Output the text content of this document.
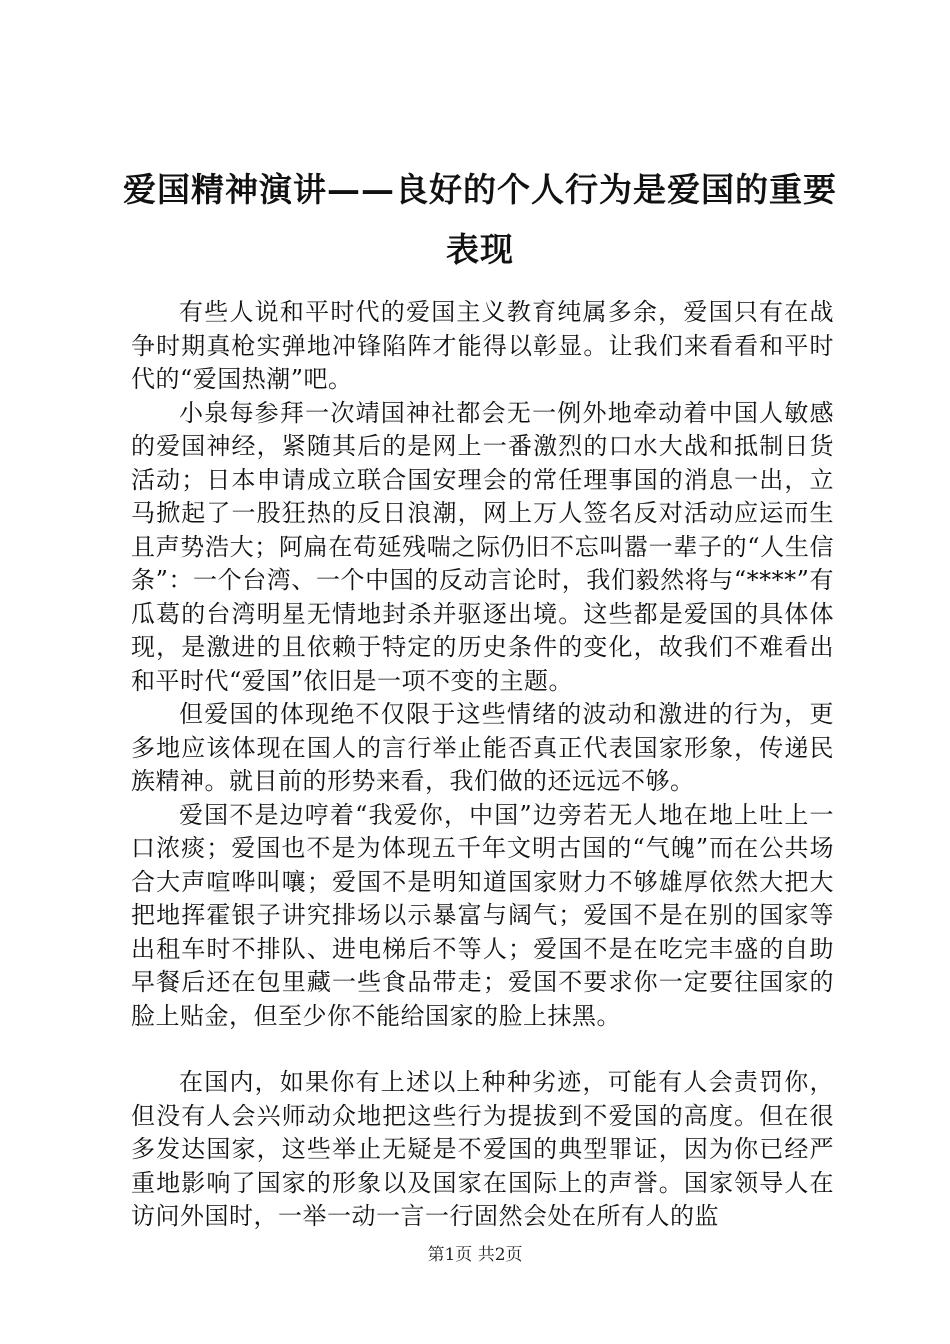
爱国精神演讲——良好的个人行为是爱国的重要表现

有些人说和平时代的爱国主义教育纯属多余，爱国只有在战争时期真枪实弹地冲锋陷阵才能得以彰显。让我们来看看和平时代的“爱国热潮”吧。

小泉每参拜一次靖国神社都会无一例外地牵动着中国人敏感的爱国神经，紧随其后的是网上一番激烈的口水大战和抵制日货活动；日本申请成立联合国安理会的常任理事国的消息一出，立马掀起了一股狂热的反日浪潮，网上万人签名反对活动应运而生且声势浩大；阿扁在苟延残喘之际仍旧不忘叫嚣一辈子的“人生信条”：一个台湾、一个中国的反动言论时，我们毅然将与“****”有瓜葛的台湾明星无情地封杀并驱逐出境。这些都是爱国的具体体现，是激进的且依赖于特定的历史条件的变化，故我们不难看出和平时代“爱国”依旧是一项不变的主题。

但爱国的体现绝不仅限于这些情绪的波动和激进的行为，更多地应该体现在国人的言行举止能否真正代表国家形象，传递民族精神。就目前的形势来看，我们做的还远远不够。

爱国不是边哼着“我爱你，中国”边旁若无人地在地上吐上一口浓痰；爱国也不是为体现五千年文明古国的“气魄”而在公共场合大声喧哗叫嚷；爱国不是明知道国家财力不够雄厚依然大把大把地挥霍银子讲究排场以示暴富与阔气；爱国不是在别的国家等出租车时不排队、进电梯后不等人；爱国不是在吃完丰盛的自助早餐后还在包里藏一些食品带走；爱国不要求你一定要往国家的脸上贴金，但至少你不能给国家的脸上抹黑。

在国内，如果你有上述以上种种劣迹，可能有人会责罚你，但没有人会兴师动众地把这些行为提拔到不爱国的高度。但在很多发达国家，这些举止无疑是不爱国的典型罪证，因为你已经严重地影响了国家的形象以及国家在国际上的声誉。国家领导人在访问外国时，一举一动一言一行固然会处在所有人的监

第1页 共2页
